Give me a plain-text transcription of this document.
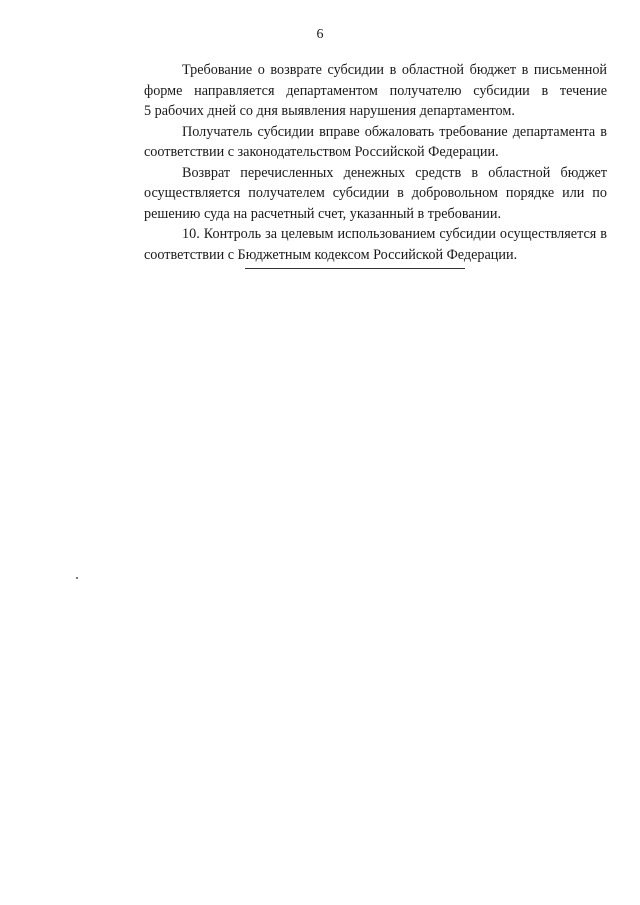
6

Требование о возврате субсидии в областной бюджет в письменной
форме направляется департаментом получателю субсидии в течение
5 рабочих дней со дня выявления нарушения департаментом.

Получатель субсидии вправе обжаловать требование департамента в
соответствии с законодательством Российской Федерации.

Возврат перечисленных денежных средств в областной бюджет
осуществляется получателем субсидии в добровольном порядке или по
решению суда на расчетный счет, указанный в требовании.

10. Контроль за целевым использованием субсидии осуществляется в
соответствии с Бюджетным кодексом Российской Федерации.
